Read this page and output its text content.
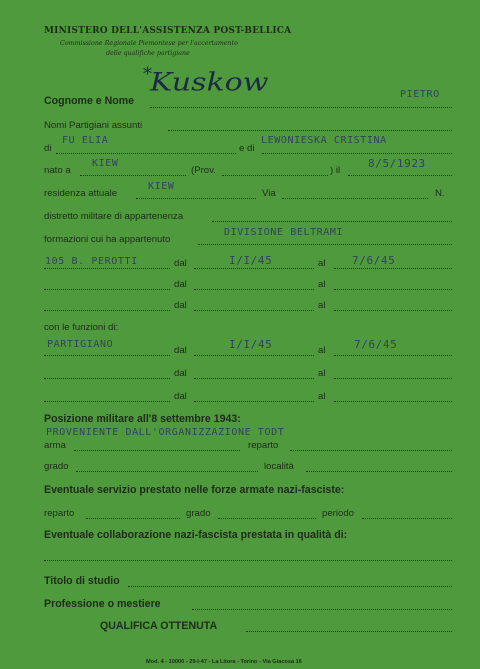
MINISTERO DELL'ASSISTENZA POST-BELLICA
Commissione Regionale Piemontese per l'accertamento
delle qualifiche partigiane
Cognome e Nome
*
Kuskow	PIETRO
Nomi Partigiani assunti
di
FU ELIA
e di
LEWONIESKA CRISTINA
nato a
KIEW
(Prov.	) il
8/5/1923
residenza attuale
KIEW
Via	N.
distretto militare di appartenenza
formazioni cui ha appartenuto
DIVISIONE BELTRAMI
105 B. PEROTTI	dal	I/I/45	al 7/6/45
dal	al
dal	al
con le funzioni di:
PARTIGIANO
dal	I/I/45	al	7/6/45
dal	al
dal	al
Posizione militare all'8 settembre 1943:
PROVENIENTE DALL'ORGANIZZAZIONE TODT
arma	reparto
grado	località
Eventuale servizio prestato nelle forze armate nazi-fasciste:
reparto	grado	periodo
Eventuale collaborazione nazi-fascista prestata in qualità di:
Titolo di studio
Professione o mestiere
QUALIFICA OTTENUTA
Mod. 4 - 10000 - 29-I-47 - La Litora - Torino - Via Giacosa 16
